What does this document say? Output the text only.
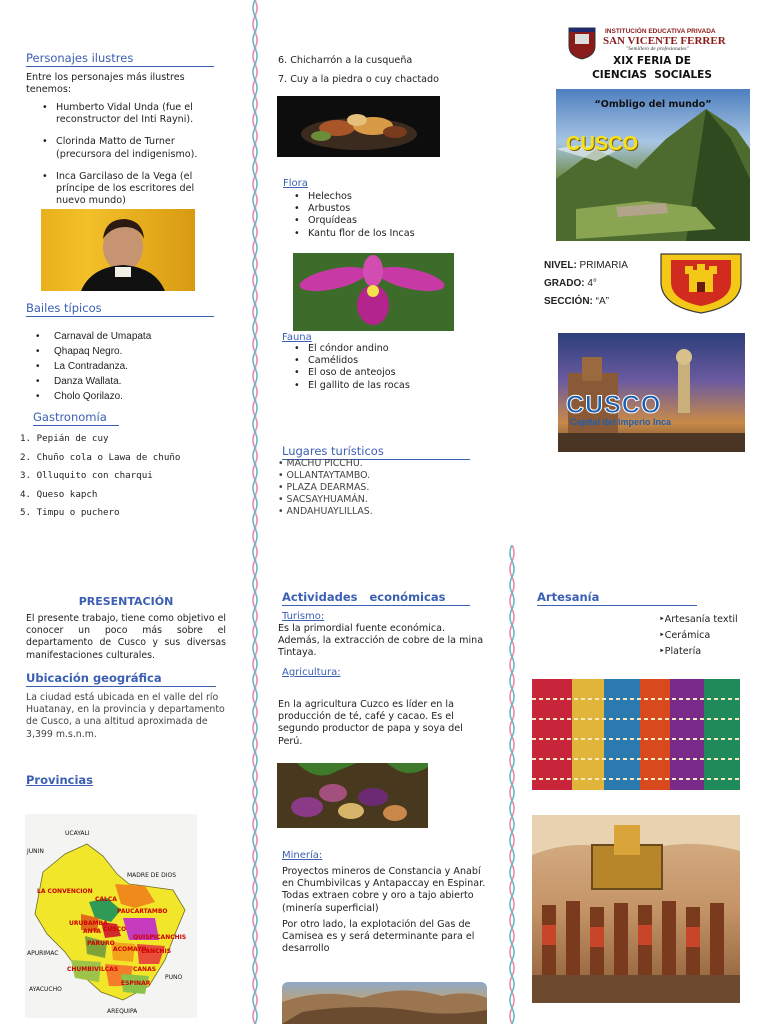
Personajes ilustres
Entre los personajes más ilustres tenemos:
• Humberto Vidal Unda (fue el reconstructor del Inti Rayni).
• Clorinda Matto de Turner (precursora del indigenismo).
• Inca Garcilaso de la Vega (el príncipe de los escritores del nuevo mundo)
Bailes típicos
• Carnaval de Umapata
• Qhapaq Negro.
• La Contradanza.
• Danza Wallata.
• Cholo Qorilazo.
Gastronomía
1. Pepián de cuy
2. Chuño cola o Lawa de chuño
3. Olluquito con charqui
4. Queso kapch
5. Timpu o puchero
PRESENTACIÓN
El presente trabajo, tiene como objetivo el conocer un poco más sobre el departamento de Cusco y sus diversas manifestaciones culturales.
Ubicación geográfica
La ciudad está ubicada en el valle del río Huatanay, en la provincia y departamento de Cusco, a una altitud aproximada de 3,399 m.s.n.m.
Provincias
UCAYALI
JUNIN
MADRE DE DIOS
LA CONVENCION
CALCA
PAUCARTAMBO
URUBAMBA
ANTA CUSCO
QUISPICANCHIS
PARURO
ACOMAYO
CANCHIS
APURIMAC
CHUMBIVILCAS CANAS
PUNO
ESPINAR
AYACUCHO
AREQUIPA
6. Chicharrón a la cusqueña
7. Cuy a la piedra o cuy chactado
Flora
• Helechos
• Arbustos
• Orquídeas
• Kantu flor de los Incas
Fauna
• El cóndor andino
• Camélidos
• El oso de anteojos
• El gallito de las rocas
Lugares turísticos
• MACHU PICCHU.
• OLLANTAYTAMBO.
• PLAZA DEARMAS.
• SACSAYHUAMÁN.
• ANDAHUAYLILLAS.
Actividades   económicas
Turismo:
Es la primordial fuente económica. Además, la extracción de cobre de la mina Tintaya.
Agricultura:
En la agricultura Cuzco es líder en la producción de té, café y cacao. Es el segundo productor de papa y soya del Perú.
Minería:
Proyectos mineros de Constancia y Anabí en Chumbivilcas y Antapaccay en Espinar. Todas extraen cobre y oro a tajo abierto (minería superficial)
Por otro lado, la explotación del Gas de Camisea es y será determinante para el desarrollo
INSTITUCIÓN EDUCATIVA PRIVADA
SAN VICENTE FERRER
"Semillero de profesionales"
XIX FERIA DE
CIENCIAS  SOCIALES
“Ombligo del mundo”
CUSCO
NIVEL: PRIMARIA
GRADO: 4°
SECCIÓN: “A”
CUSCO
Capital del Imperio Inca
Artesanía
‣Artesanía textil
‣Cerámica
‣Platería
